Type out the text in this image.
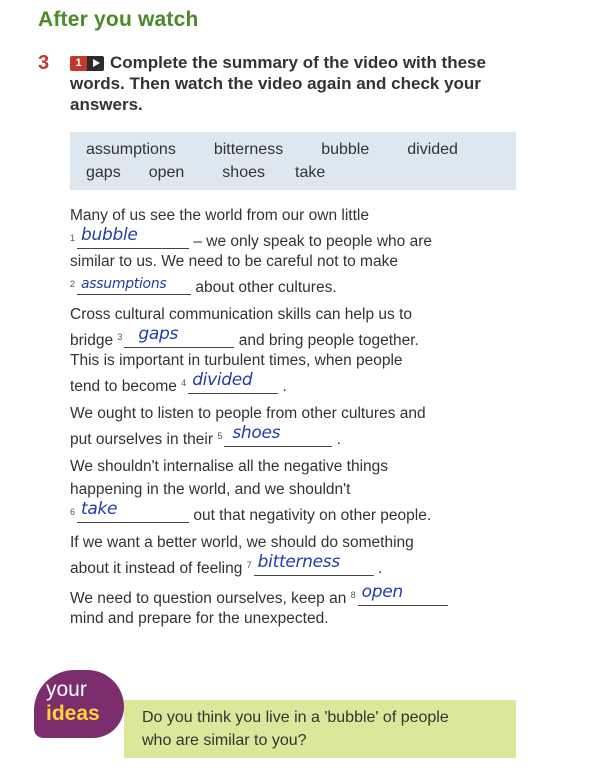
After you watch
3	1	Complete the summary of the video with these words. Then watch the video again and check your answers.
assumptions bitterness bubble divided
gaps open shoes take
Many of us see the world from our own little
$^1$ bubble	– we only speak to people who are
similar to us. We need to be careful not to make
$^2$ assumptions about other cultures.
Cross cultural communication skills can help us to
bridge $^3$ gaps	and bring people together.
This is important in turbulent times, when people
tend to become $^4$ divided .
We ought to listen to people from other cultures and
put ourselves in their $^5$ shoes	.
We shouldn't internalise all the negative things
happening in the world, and we shouldn't
$^6$ take	out that negativity on other people.
If we want a better world, we should do something
about it instead of feeling $^7$ bitterness .
We need to question ourselves, keep an $^8$ open
mind and prepare for the unexpected.
your
ideas	Do you think you live in a 'bubble' of people
who are similar to you?
